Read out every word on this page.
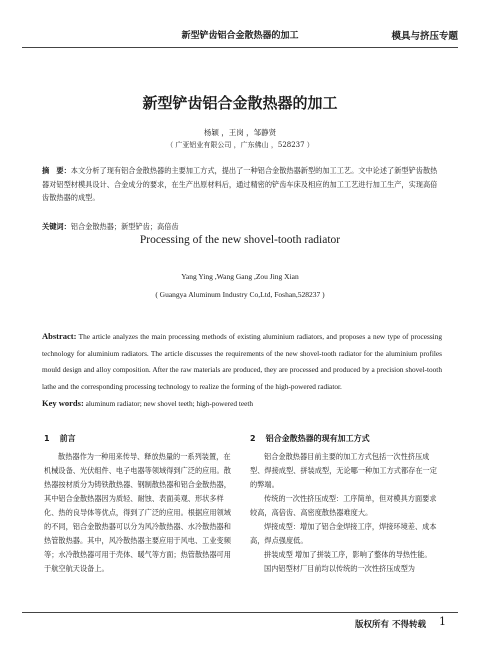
新型铲齿铝合金散热器的加工	模具与挤压专题
新型铲齿铝合金散热器的加工
杨颖 ，王岗 ，邹静贤
（ 广亚铝业有限公司 ，广东佛山 ，528237 ）
摘　要：本文分析了现有铝合金散热器的主要加工方式，提出了一种铝合金散热器新型的加工工艺。文中论述了新型铲齿散热器对铝型材模具设计、合金成分的要求，在生产出原材料后，通过精密的铲齿车床及相应的加工工艺进行加工生产，实现高倍齿散热器的成型。
关键词：铝合金散热器；新型铲齿；高倍齿
Processing of the new shovel-tooth radiator
Yang Ying ,Wang Gang ,Zou Jing Xian
( Guangya Aluminum Industry Co,Ltd, Foshan,528237 )
Abstract: The article analyzes the main processing methods of existing aluminium radiators, and proposes a new type of processing technology for aluminium radiators. The article discusses the requirements of the new shovel-tooth radiator for the aluminium profiles mould design and alloy composition. After the raw materials are produced, they are processed and produced by a precision shovel-tooth lathe and the corresponding processing technology to realize the forming of the high-powered radiator.
Key words: aluminum radiator; new shovel teeth; high-powered teeth
1 前言

散热器作为一种用来传导、释放热量的一系列装置，在机械设备、光伏组件、电子电器等领域得到广泛的应用。散热器按材质分为铸铁散热器、钢制散热器和铝合金散热器，其中铝合金散热器因为质轻、耐蚀、表面美观、形状多样化、热的良导体等优点，得到了广泛的应用。根据应用领域的不同，铝合金散热器可以分为风冷散热器、水冷散热器和热管散热器。其中，风冷散热器主要应用于风电、工业变频等；水冷散热器可用于壳体、暖气等方面；热管散热器可用于航空航天设备上。

2 铝合金散热器的现有加工方式

铝合金散热器目前主要的加工方式包括一次性挤压成型、焊接成型、拼装成型，无论哪一种加工方式都存在一定的弊端。

传统的一次性挤压成型：工序简单，但对模具方面要求较高，高倍齿、高密度散热器难度大。

焊接成型：增加了铝合金焊接工序，焊接环境差、成本高，焊点强度低。

拼装成型 增加了拼装工序，影响了整体的导热性能。

国内铝型材厂目前均以传统的一次性挤压成型为

版权所有 不得转载 1
